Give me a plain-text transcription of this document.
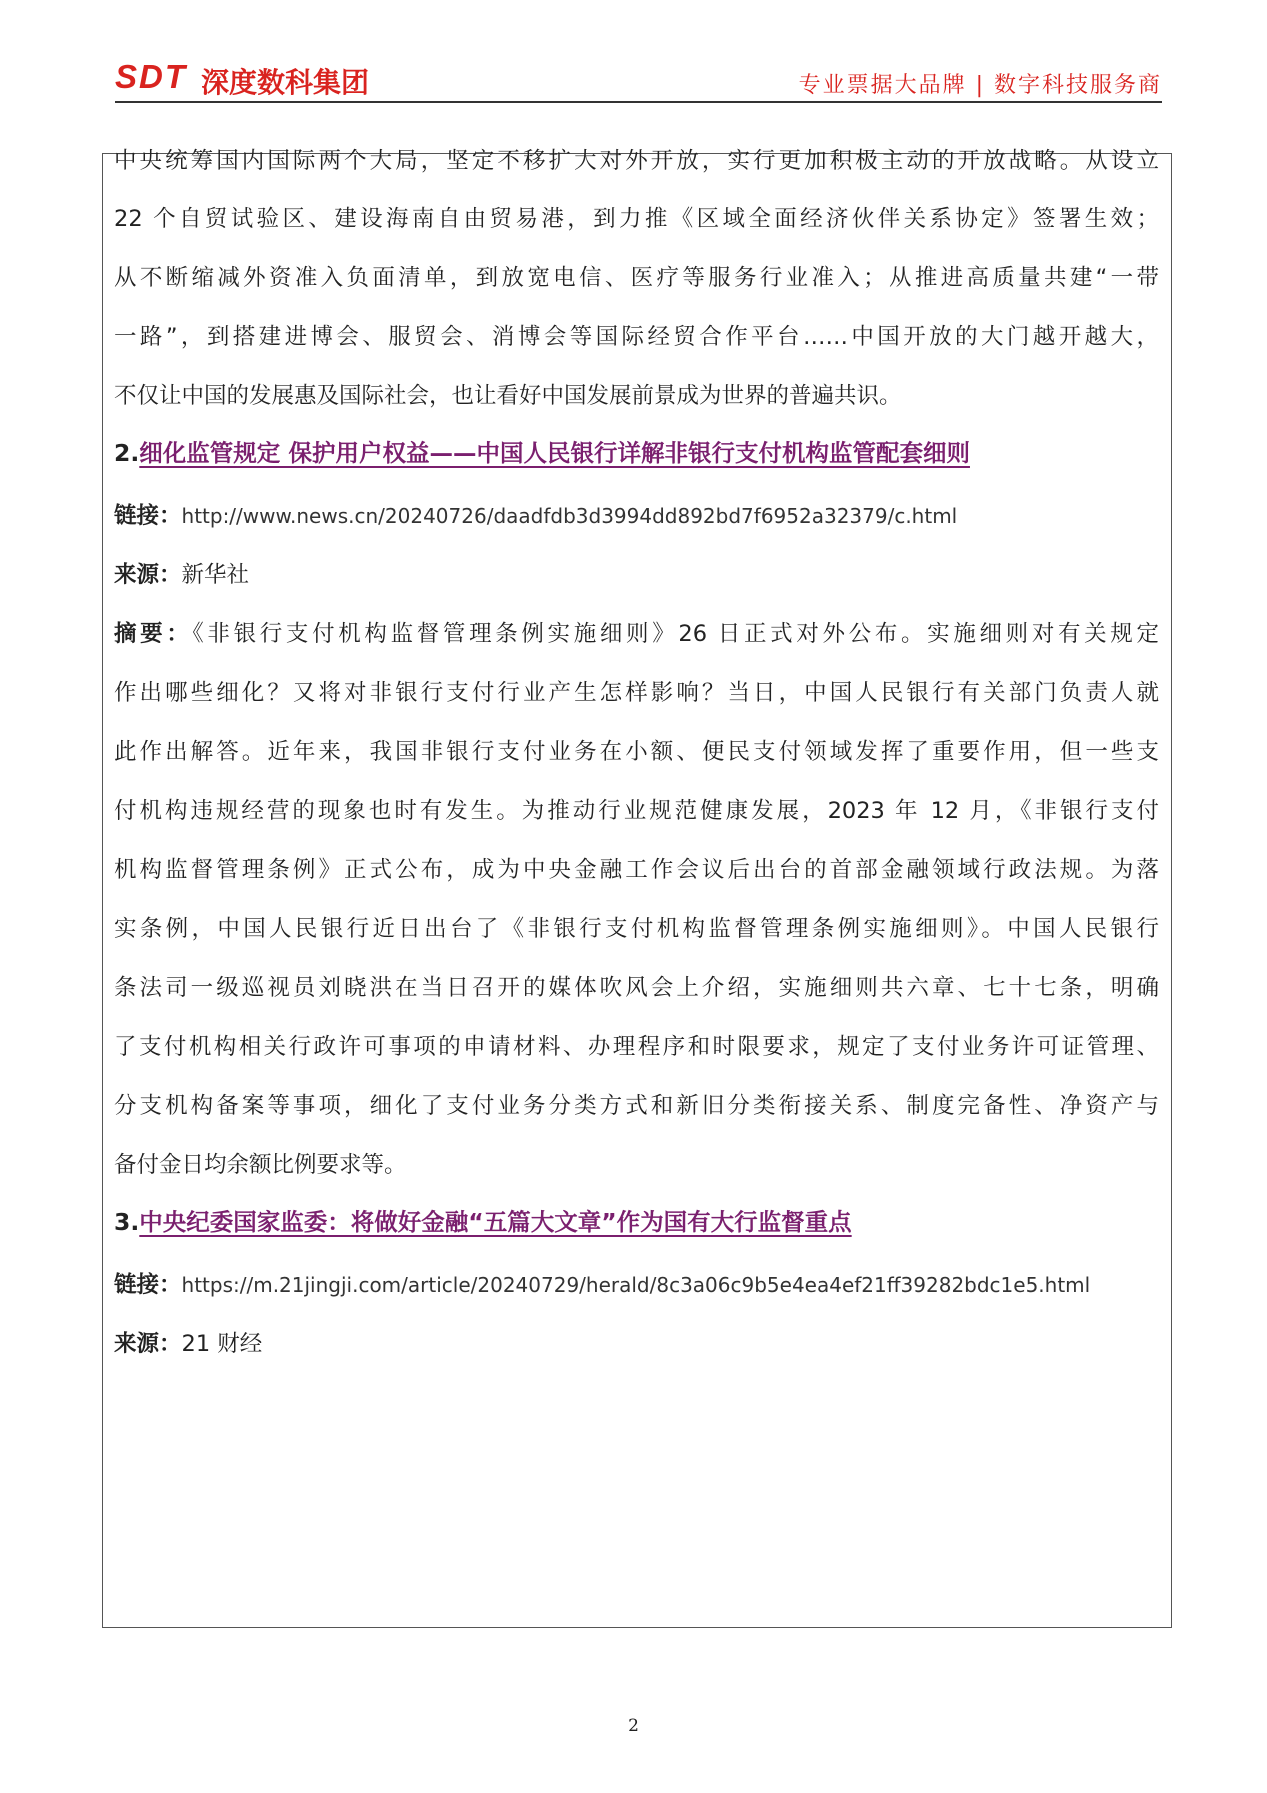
SDT 深度数科集团	专业票据大品牌 | 数字科技服务商
中央统筹国内国际两个大局，坚定不移扩大对外开放，实行更加积极主动的开放战略。从设立
22 个自贸试验区、建设海南自由贸易港，到力推《区域全面经济伙伴关系协定》签署生效；
从不断缩减外资准入负面清单，到放宽电信、医疗等服务行业准入；从推进高质量共建“一带
一路”，到搭建进博会、服贸会、消博会等国际经贸合作平台……中国开放的大门越开越大，
不仅让中国的发展惠及国际社会，也让看好中国发展前景成为世界的普遍共识。
2.细化监管规定 保护用户权益——中国人民银行详解非银行支付机构监管配套细则
链接：http://www.news.cn/20240726/daadfdb3d3994dd892bd7f6952a32379/c.html
来源：新华社
摘要：《非银行支付机构监督管理条例实施细则》26 日正式对外公布。实施细则对有关规定
作出哪些细化？又将对非银行支付行业产生怎样影响？当日，中国人民银行有关部门负责人就
此作出解答。近年来，我国非银行支付业务在小额、便民支付领域发挥了重要作用，但一些支
付机构违规经营的现象也时有发生。为推动行业规范健康发展，2023 年 12 月，《非银行支付
机构监督管理条例》正式公布，成为中央金融工作会议后出台的首部金融领域行政法规。为落
实条例，中国人民银行近日出台了《非银行支付机构监督管理条例实施细则》。中国人民银行
条法司一级巡视员刘晓洪在当日召开的媒体吹风会上介绍，实施细则共六章、七十七条，明确
了支付机构相关行政许可事项的申请材料、办理程序和时限要求，规定了支付业务许可证管理、
分支机构备案等事项，细化了支付业务分类方式和新旧分类衔接关系、制度完备性、净资产与
备付金日均余额比例要求等。
3.中央纪委国家监委：将做好金融“五篇大文章”作为国有大行监督重点
链接：https://m.21jingji.com/article/20240729/herald/8c3a06c9b5e4ea4ef21ff39282bdc1e5.html
来源：21 财经
2
